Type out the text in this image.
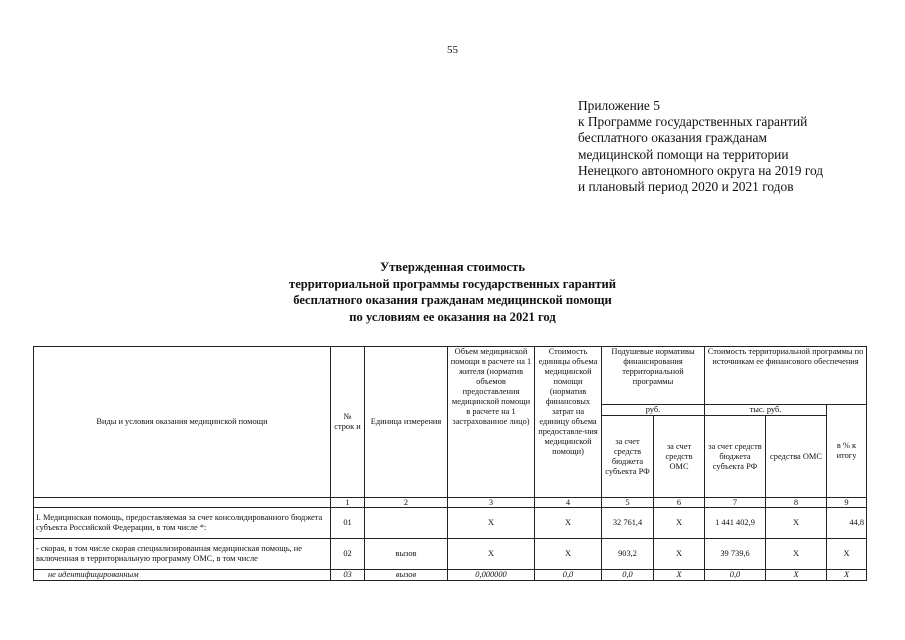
55
Приложение 5
к Программе государственных гарантий
бесплатного оказания гражданам
медицинской помощи на территории
Ненецкого автономного округа на 2019 год
и плановый период 2020 и 2021 годов
Утвержденная стоимость
территориальной программы государственных гарантий
бесплатного оказания гражданам медицинской помощи
по условиям ее оказания на 2021 год
Виды и условия оказания медицинской помощи	№ строк и	Единица измерения	Объем медицинской помощи в расчете на 1 жителя (норматив объемов предоставления медицинской помощи в расчете на 1 застрахованное лицо)	Стоимость единицы объема медицинской помощи (норматив финансовых затрат на единицу объема предоставле-ния медицинской помощи)	Подушевые нормативы финансирования территориальной программы		Стоимость территориальной программы по источникам ее финансового обеспечения		
					руб.		тыс. руб.		в % к итогу
					за счет средств бюджета субъекта РФ	за счет средств ОМС	за счет средств бюджета субъекта РФ	средства ОМС	
	1	2	3	4	5	6	7	8	9
I. Медицинская помощь, предоставляемая за счет консолидированного бюджета субъекта Российской Федерации, в том числе *:	01		Х	Х	32 761,4	Х	1 441 402,9	Х	44,8
- скорая, в том числе скорая специализированная медицинская помощь, не включенная в территориальную программу ОМС, в том числе	02	вызов	Х	Х	903,2	Х	39 739,6	Х	Х
не идентифицированным	03	вызов	0,000000	0,0	0,0	Х	0,0	Х	Х
